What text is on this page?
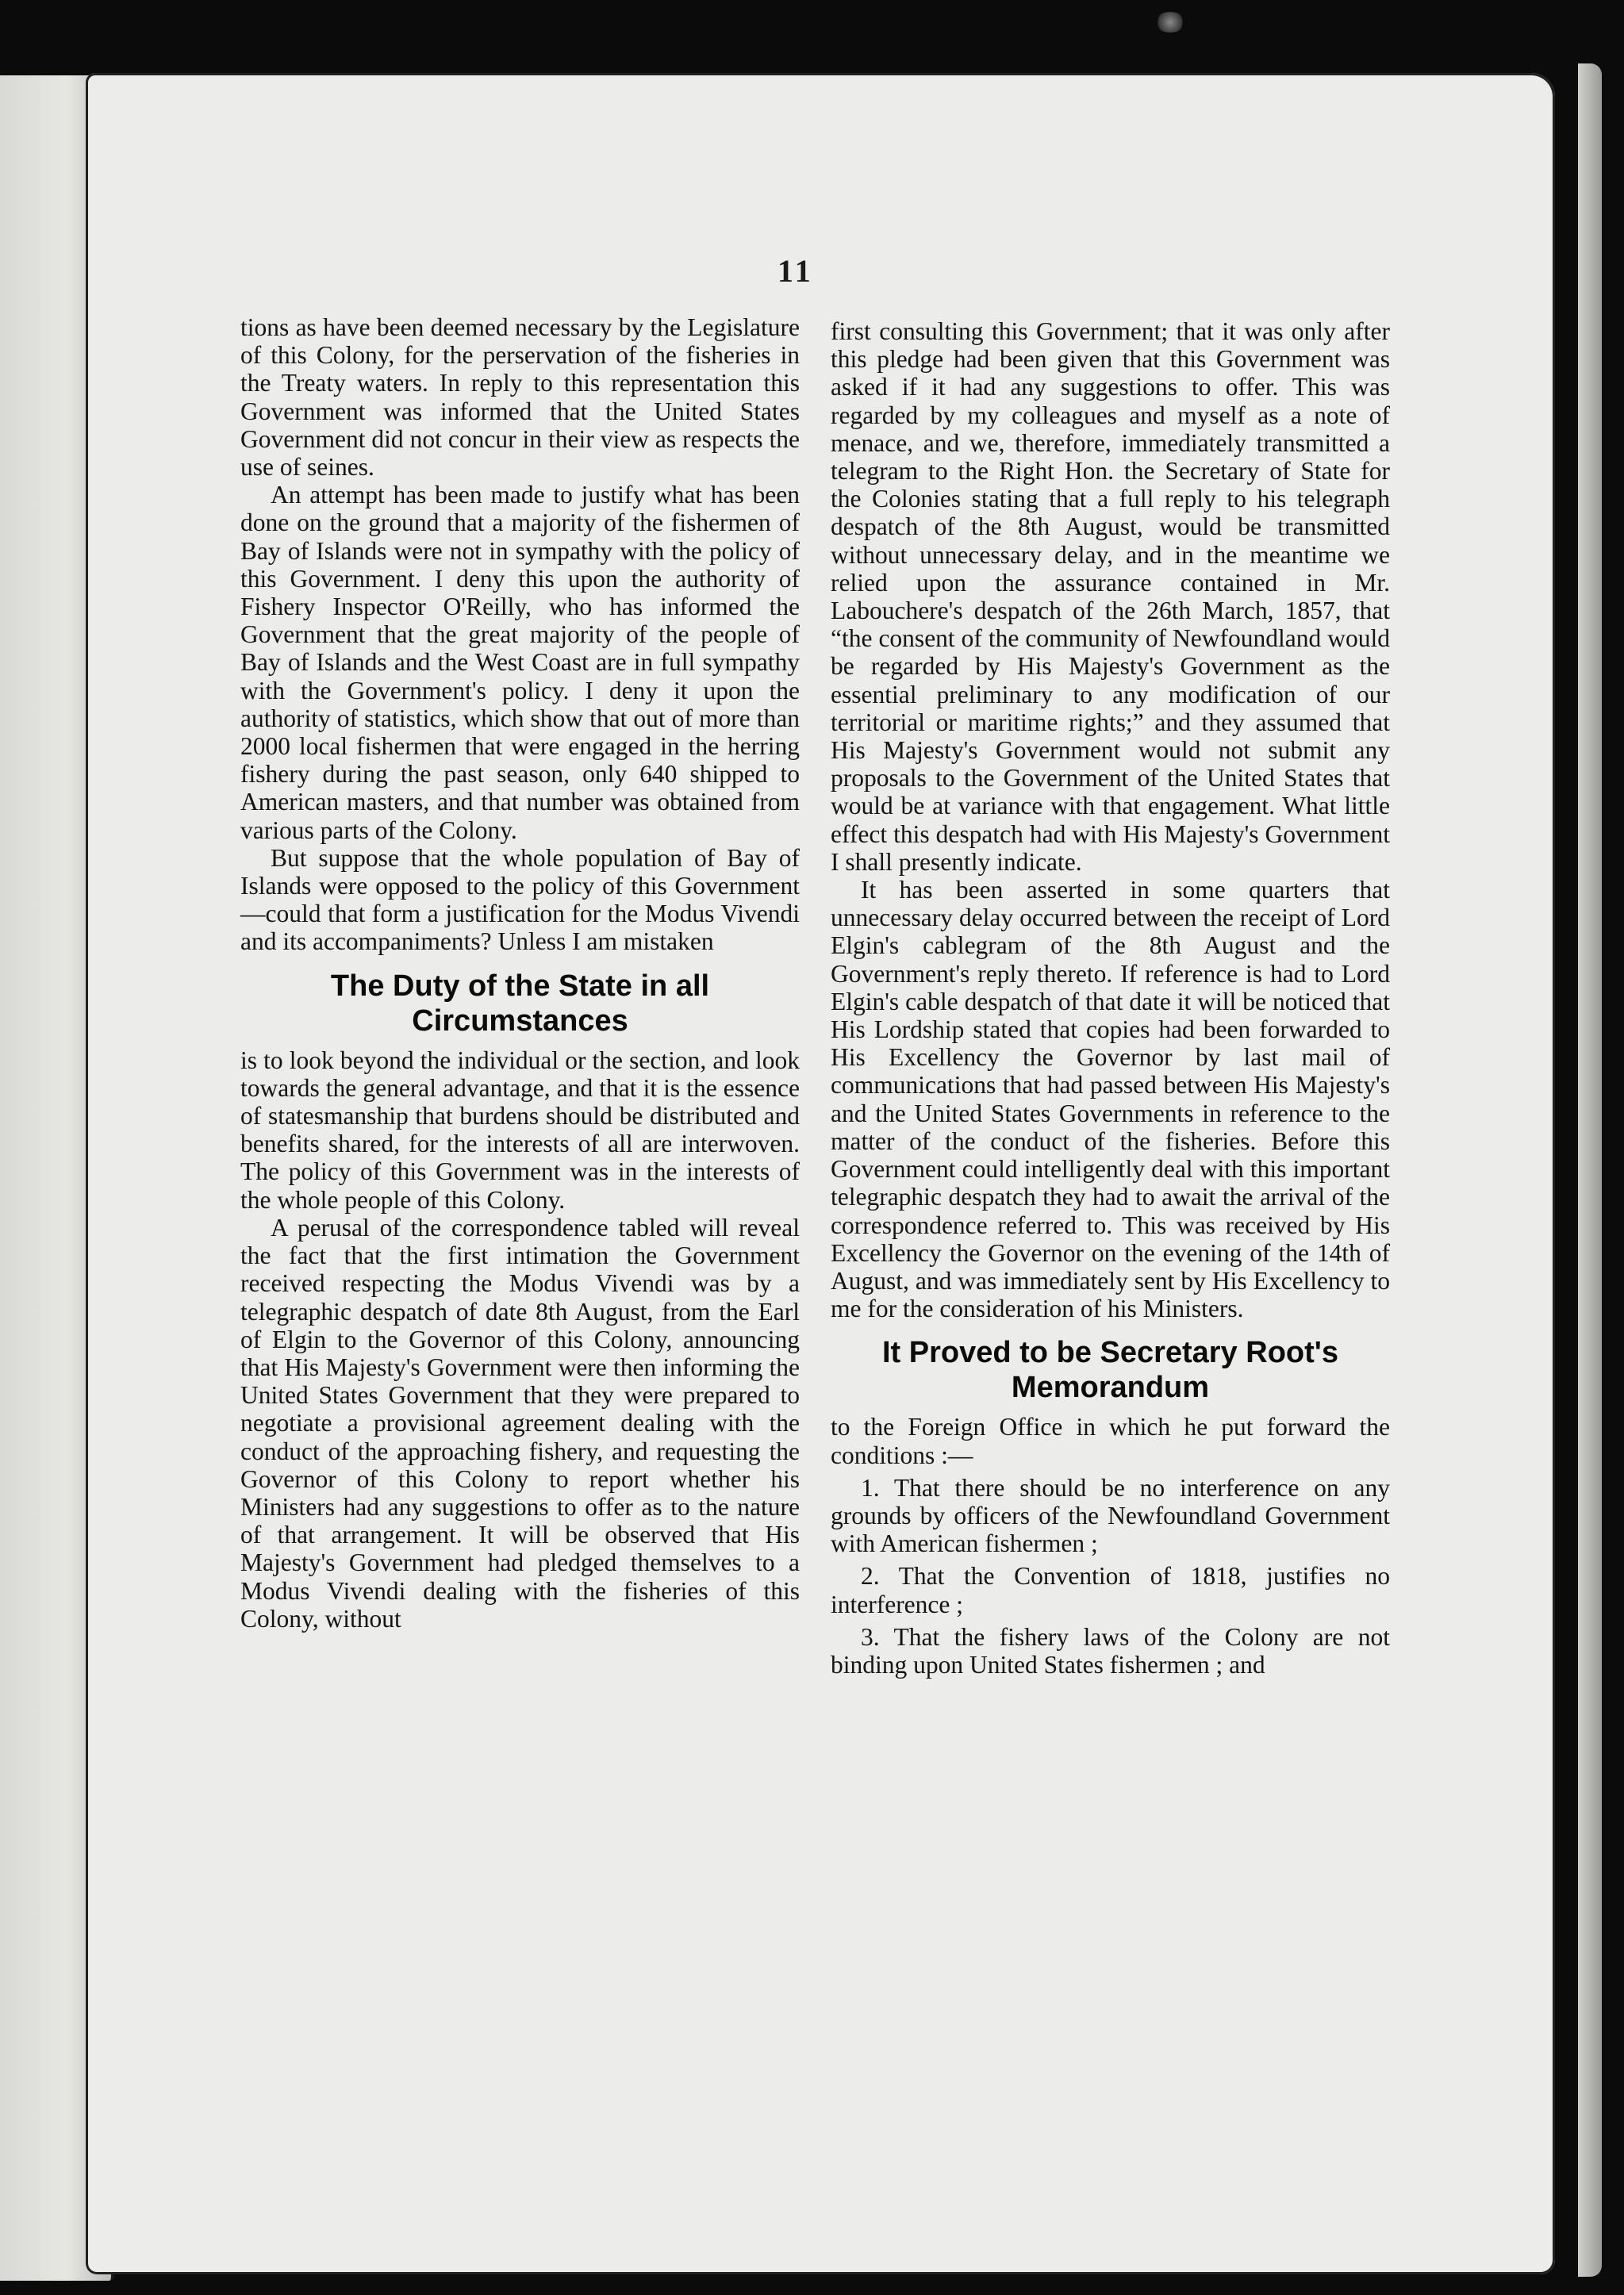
11

tions as have been deemed necessary by the Legislature of this Colony, for the perservation of the fisheries in the Treaty waters. In reply to this representation this Government was informed that the United States Government did not concur in their view as respects the use of seines.

An attempt has been made to justify what has been done on the ground that a majority of the fishermen of Bay of Islands were not in sympathy with the policy of this Government. I deny this upon the authority of Fishery Inspector O'Reilly, who has informed the Government that the great majority of the people of Bay of Islands and the West Coast are in full sympathy with the Government's policy. I deny it upon the authority of statistics, which show that out of more than 2000 local fishermen that were engaged in the herring fishery during the past season, only 640 shipped to American masters, and that number was obtained from various parts of the Colony.

But suppose that the whole population of Bay of Islands were opposed to the policy of this Government—could that form a justification for the Modus Vivendi and its accompaniments? Unless I am mistaken

The Duty of the State in all Circumstances

is to look beyond the individual or the section, and look towards the general advantage, and that it is the essence of statesmanship that burdens should be distributed and benefits shared, for the interests of all are interwoven. The policy of this Government was in the interests of the whole people of this Colony.

A perusal of the correspondence tabled will reveal the fact that the first intimation the Government received respecting the Modus Vivendi was by a telegraphic despatch of date 8th August, from the Earl of Elgin to the Governor of this Colony, announcing that His Majesty's Government were then informing the United States Government that they were prepared to negotiate a provisional agreement dealing with the conduct of the approaching fishery, and requesting the Governor of this Colony to report whether his Ministers had any suggestions to offer as to the nature of that arrangement. It will be observed that His Majesty's Government had pledged themselves to a Modus Vivendi dealing with the fisheries of this Colony, without

first consulting this Government; that it was only after this pledge had been given that this Government was asked if it had any suggestions to offer. This was regarded by my colleagues and myself as a note of menace, and we, therefore, immediately transmitted a telegram to the Right Hon. the Secretary of State for the Colonies stating that a full reply to his telegraph despatch of the 8th August, would be transmitted without unnecessary delay, and in the meantime we relied upon the assurance contained in Mr. Labouchere's despatch of the 26th March, 1857, that “the consent of the community of Newfoundland would be regarded by His Majesty's Government as the essential preliminary to any modification of our territorial or maritime rights;” and they assumed that His Majesty's Government would not submit any proposals to the Government of the United States that would be at variance with that engagement. What little effect this despatch had with His Majesty's Government I shall presently indicate.

It has been asserted in some quarters that unnecessary delay occurred between the receipt of Lord Elgin's cablegram of the 8th August and the Government's reply thereto. If reference is had to Lord Elgin's cable despatch of that date it will be noticed that His Lordship stated that copies had been forwarded to His Excellency the Governor by last mail of communications that had passed between His Majesty's and the United States Governments in reference to the matter of the conduct of the fisheries. Before this Government could intelligently deal with this important telegraphic despatch they had to await the arrival of the correspondence referred to. This was received by His Excellency the Governor on the evening of the 14th of August, and was immediately sent by His Excellency to me for the consideration of his Ministers.

It Proved to be Secretary Root's Memorandum

to the Foreign Office in which he put forward the conditions :—

1. That there should be no interference on any grounds by officers of the Newfoundland Government with American fishermen ;
2. That the Convention of 1818, justifies no interference ;
3. That the fishery laws of the Colony are not binding upon United States fishermen ; and
